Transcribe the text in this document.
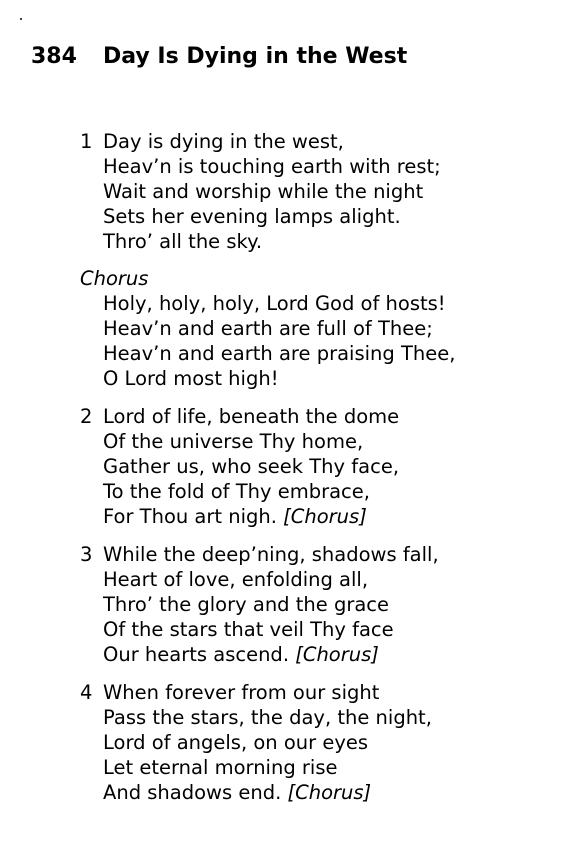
384 Day Is Dying in the West
1 Day is dying in the west,
Heav’n is touching earth with rest;
Wait and worship while the night
Sets her evening lamps alight.
Thro’ all the sky.
Chorus
Holy, holy, holy, Lord God of hosts!
Heav’n and earth are full of Thee;
Heav’n and earth are praising Thee,
O Lord most high!
2 Lord of life, beneath the dome
Of the universe Thy home,
Gather us, who seek Thy face,
To the fold of Thy embrace,
For Thou art nigh. [Chorus]
3 While the deep’ning, shadows fall,
Heart of love, enfolding all,
Thro’ the glory and the grace
Of the stars that veil Thy face
Our hearts ascend. [Chorus]
4 When forever from our sight
Pass the stars, the day, the night,
Lord of angels, on our eyes
Let eternal morning rise
And shadows end. [Chorus]
